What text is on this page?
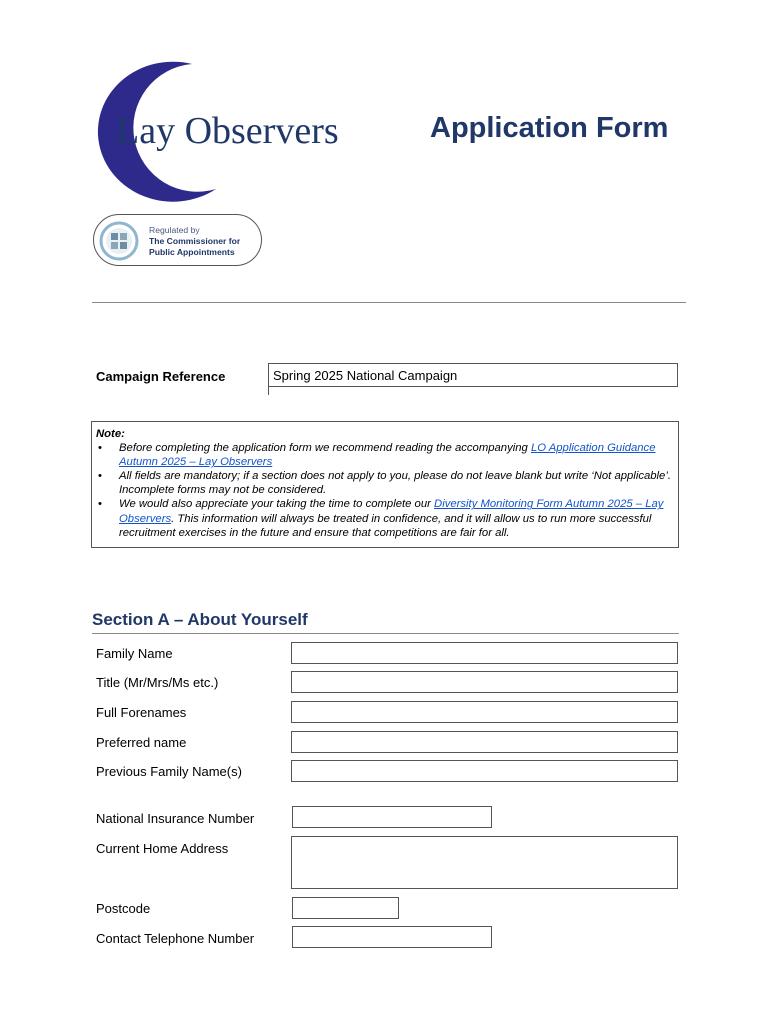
Lay Observers	Application Form
Regulated by
The Commissioner for
Public Appointments
Campaign Reference	Spring 2025 National Campaign
Note:
• Before completing the application form we recommend reading the accompanying LO Application Guidance Autumn 2025 – Lay Observers
• All fields are mandatory; if a section does not apply to you, please do not leave blank but write ‘Not applicable’. Incomplete forms may not be considered.
• We would also appreciate your taking the time to complete our Diversity Monitoring Form Autumn 2025 – Lay Observers. This information will always be treated in confidence, and it will allow us to run more successful recruitment exercises in the future and ensure that competitions are fair for all.
Section A – About Yourself
Family Name
Title (Mr/Mrs/Ms etc.)
Full Forenames
Preferred name
Previous Family Name(s)
National Insurance Number
Current Home Address
Postcode
Contact Telephone Number
